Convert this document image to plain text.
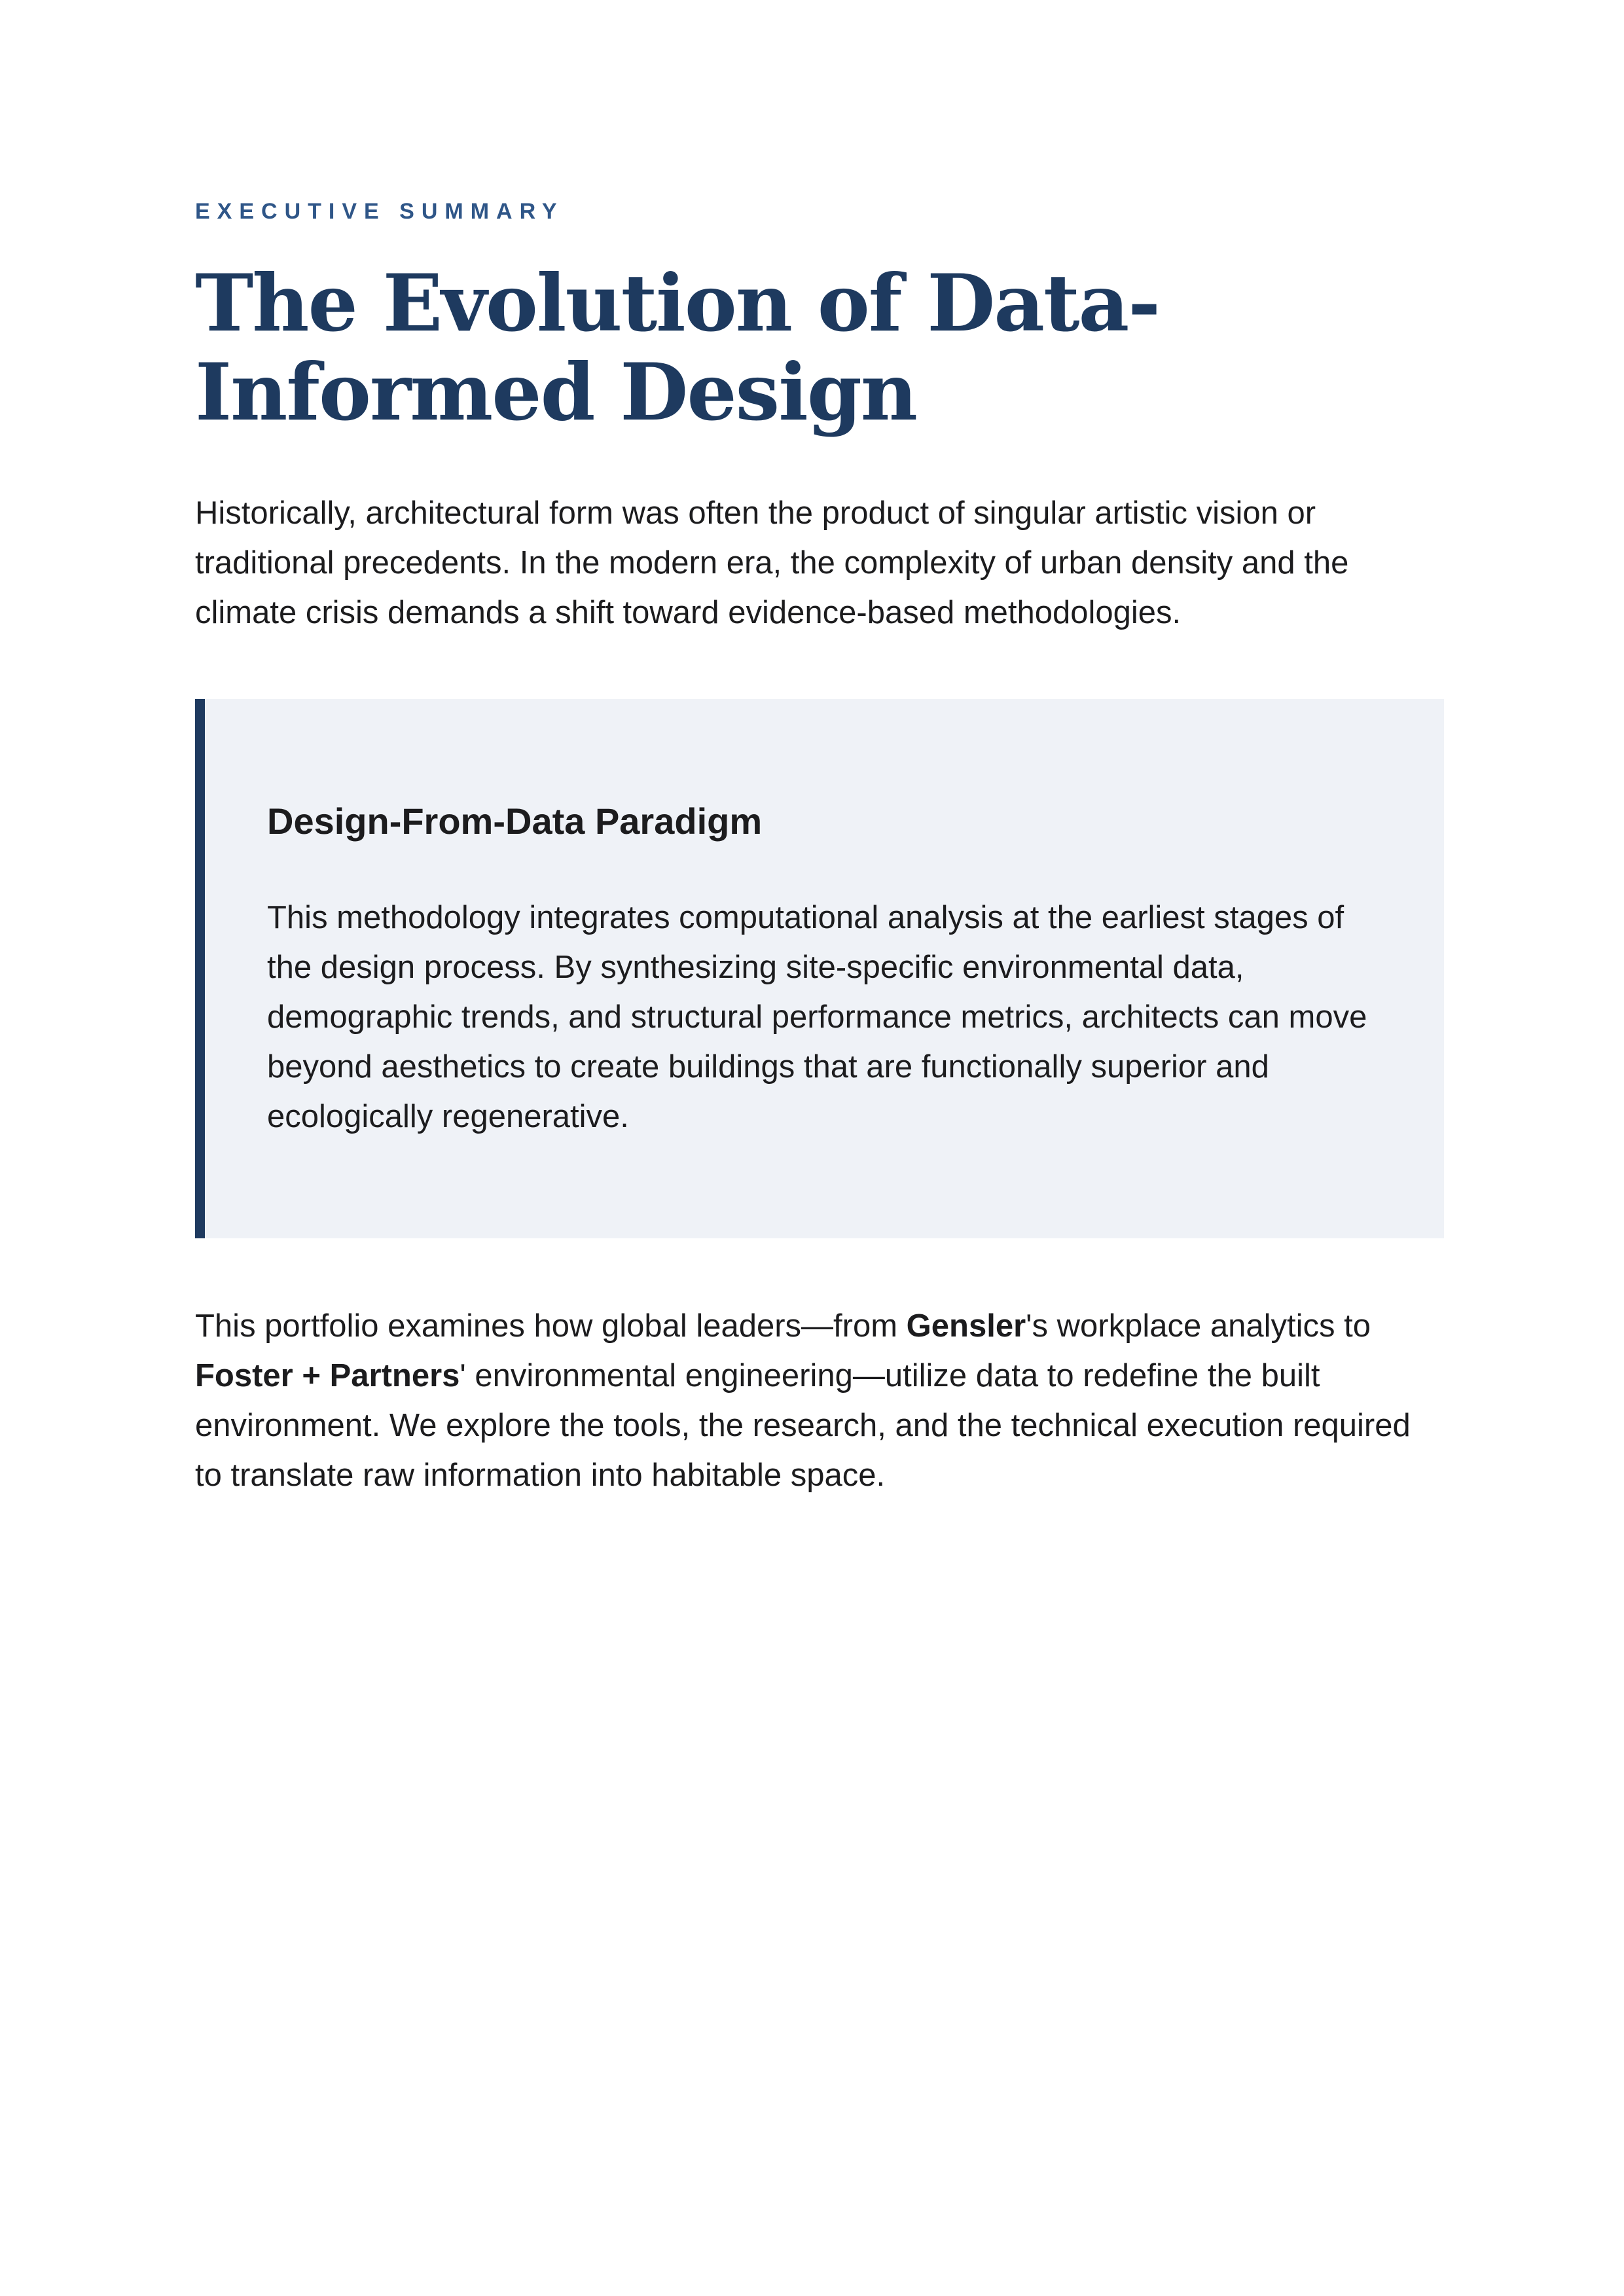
EXECUTIVE SUMMARY
The Evolution of Data-Informed Design

Historically, architectural form was often the product of singular artistic vision or traditional precedents. In the modern era, the complexity of urban density and the climate crisis demands a shift toward evidence-based methodologies.

Design-From-Data Paradigm

This methodology integrates computational analysis at the earliest stages of the design process. By synthesizing site-specific environmental data, demographic trends, and structural performance metrics, architects can move beyond aesthetics to create buildings that are functionally superior and ecologically regenerative.

This portfolio examines how global leaders—from Gensler's workplace analytics to Foster + Partners' environmental engineering—utilize data to redefine the built environment. We explore the tools, the research, and the technical execution required to translate raw information into habitable space.
